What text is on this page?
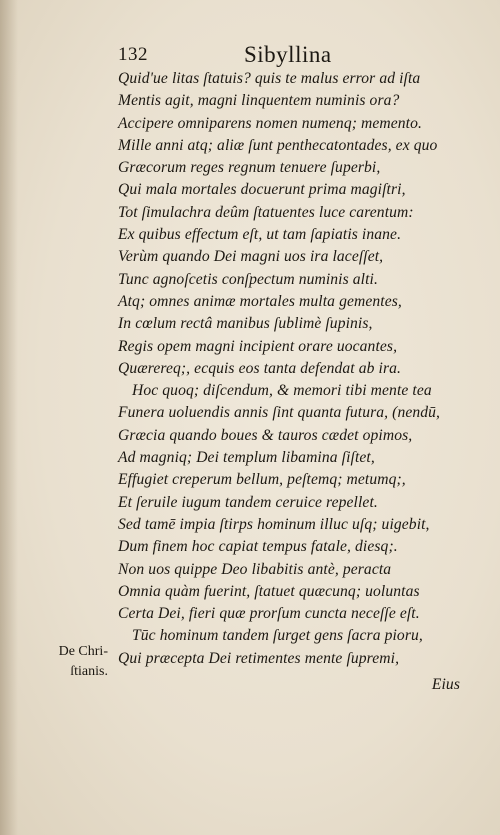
132	Sibyllina
Quid'ue litas ſtatuis? quis te malus error ad iſta
Mentis agit, magni linquentem numinis ora?
Accipere omniparens nomen numenq; memento.
Mille anni atq; aliæ ſunt penthecatontades, ex quo
Græcorum reges regnum tenuere ſuperbi,
Qui mala mortales docuerunt prima magiſtri,
Tot ſimulachra deûm ſtatuentes luce carentum:
Ex quibus effectum eſt, ut tam ſapiatis inane.
Verùm quando Dei magni uos ira laceſſet,
Tunc agnoſcetis conſpectum numinis alti.
Atq; omnes animæ mortales multa gementes,
In cœlum rectâ manibus ſublimè ſupinis,
Regis opem magni incipient orare uocantes,
Quærereq;, ecquis eos tanta defendat ab ira.
Hoc quoq; diſcendum, & memori tibi mente tea
Funera uoluendis annis ſint quanta futura, (nendū,
Græcia quando boues & tauros cædet opimos,
Ad magniq; Dei templum libamina ſiſtet,
Effugiet creperum bellum, peſtemq; metumq;,
Et ſeruile iugum tandem ceruice repellet.
Sed tamē impia ſtirps hominum illuc uſq; uigebit,
Dum finem hoc capiat tempus fatale, diesq;.
Non uos quippe Deo libabitis antè, peracta
Omnia quàm fuerint, ſtatuet quæcunq; uoluntas
Certa Dei, fieri quæ prorſum cuncta neceſſe eſt.
Tūc hominum tandem ſurget gens ſacra pioru,
Qui præcepta Dei retimentes mente ſupremi,
Eius
De Chri-
ſtianis.
